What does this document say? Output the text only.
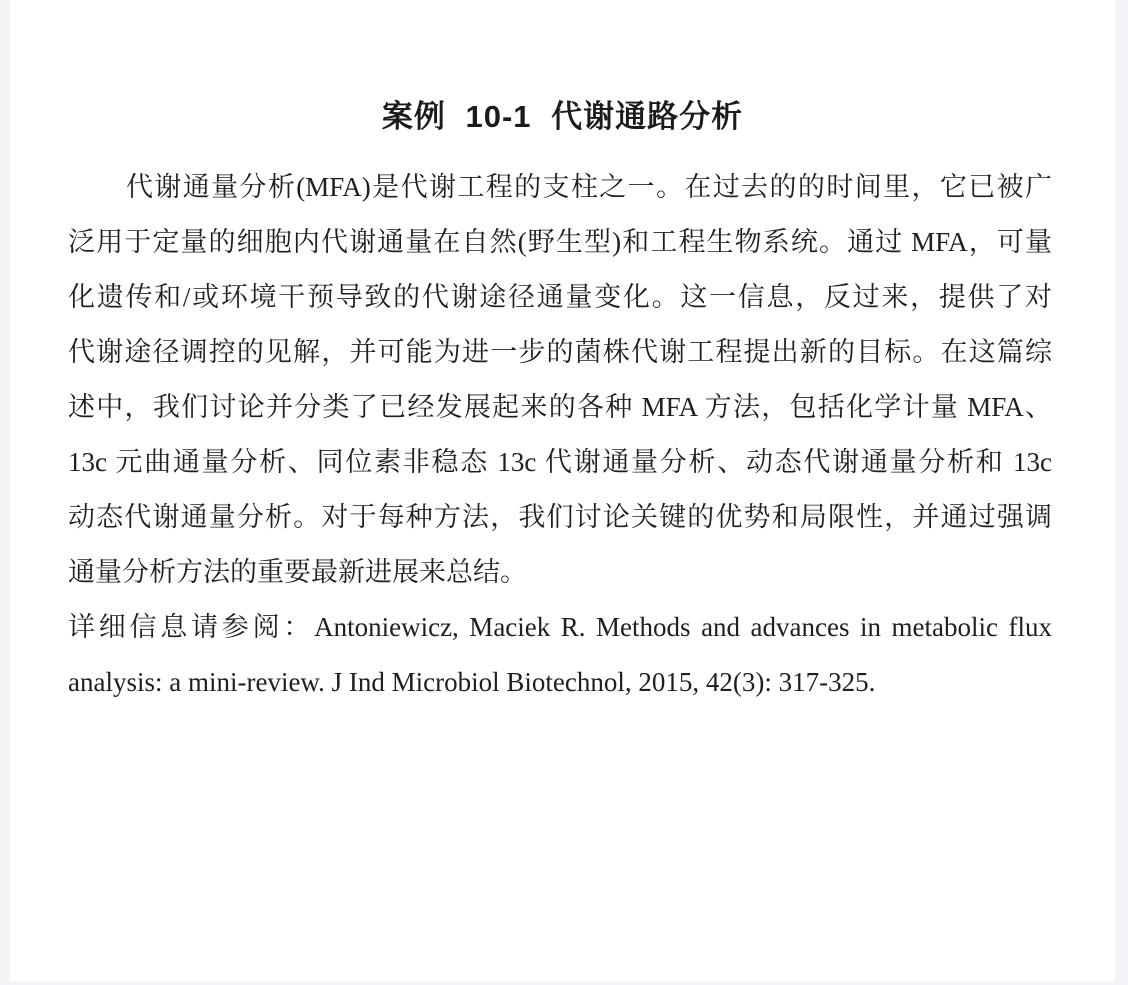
案例 10-1 代谢通路分析
代谢通量分析(MFA)是代谢工程的支柱之一。在过去的的时间里，它已被广
泛用于定量的细胞内代谢通量在自然(野生型)和工程生物系统。通过 MFA，可量
化遗传和/或环境干预导致的代谢途径通量变化。这一信息，反过来，提供了对
代谢途径调控的见解，并可能为进一步的菌株代谢工程提出新的目标。在这篇综
述中，我们讨论并分类了已经发展起来的各种 MFA 方法，包括化学计量 MFA、
13c 元曲通量分析、同位素非稳态 13c 代谢通量分析、动态代谢通量分析和 13c
动态代谢通量分析。对于每种方法，我们讨论关键的优势和局限性，并通过强调
通量分析方法的重要最新进展来总结。
详细信息请参阅：Antoniewicz, Maciek R. Methods and advances in metabolic flux
analysis: a mini-review. J Ind Microbiol Biotechnol, 2015, 42(3): 317-325.
